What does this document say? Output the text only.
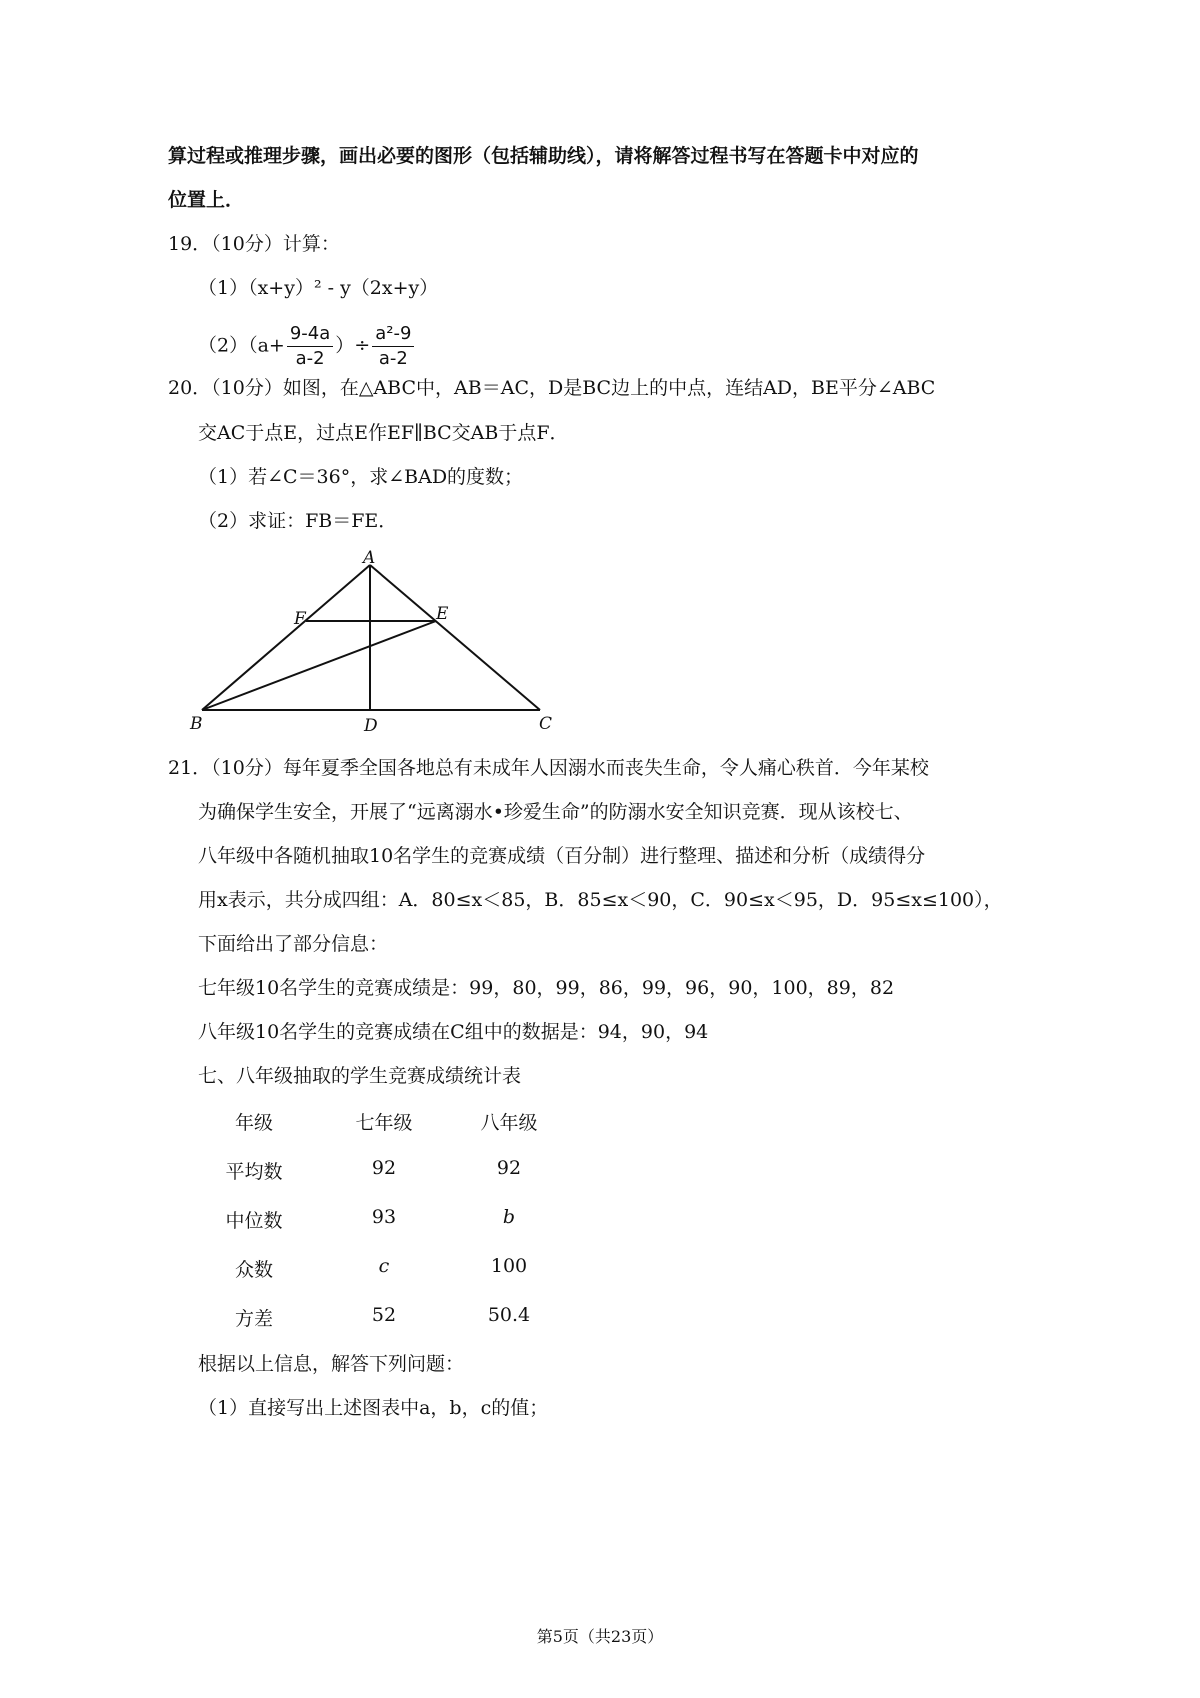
算过程或推理步骤，画出必要的图形（包括辅助线），请将解答过程书写在答题卡中对应的
位置上．
19．（10分）计算：
（1）（x+y）² - y（2x+y）
$(2)(a+ \frac{9-4a}{a-2}$ ）÷ $\frac{\text{a²-9}}{a-2}$
20．（10分）如图，在△ABC中，AB＝AC，D是BC边上的中点，连结AD，BE平分∠ABC
交AC于点E，过点E作EF∥BC交AB于点F．
（1）若∠C＝36°，求∠BAD的度数；
（2）求证：FB＝FE．
A
B	C
D
E
F
21．（10分）每年夏季全国各地总有未成年人因溺水而丧失生命，令人痛心秩首．今年某校
为确保学生安全，开展了“远离溺水•珍爱生命”的防溺水安全知识竞赛．现从该校七、
八年级中各随机抽取10名学生的竞赛成绩（百分制）进行整理、描述和分析（成绩得分
用x表示，共分成四组：A．80≤x＜85，B．85≤x＜90，C．90≤x＜95，D．95≤x≤100），
下面给出了部分信息：
七年级10名学生的竞赛成绩是：99，80，99，86，99，96，90，100，89，82
八年级10名学生的竞赛成绩在C组中的数据是：94，90，94
七、八年级抽取的学生竞赛成绩统计表
年级	七年级	八年级
平均数	92	92
中位数	93	b
众数	c	100
方差	52	50.4
根据以上信息，解答下列问题：
（1）直接写出上述图表中a，b，c的值；
第5页（共23页）
